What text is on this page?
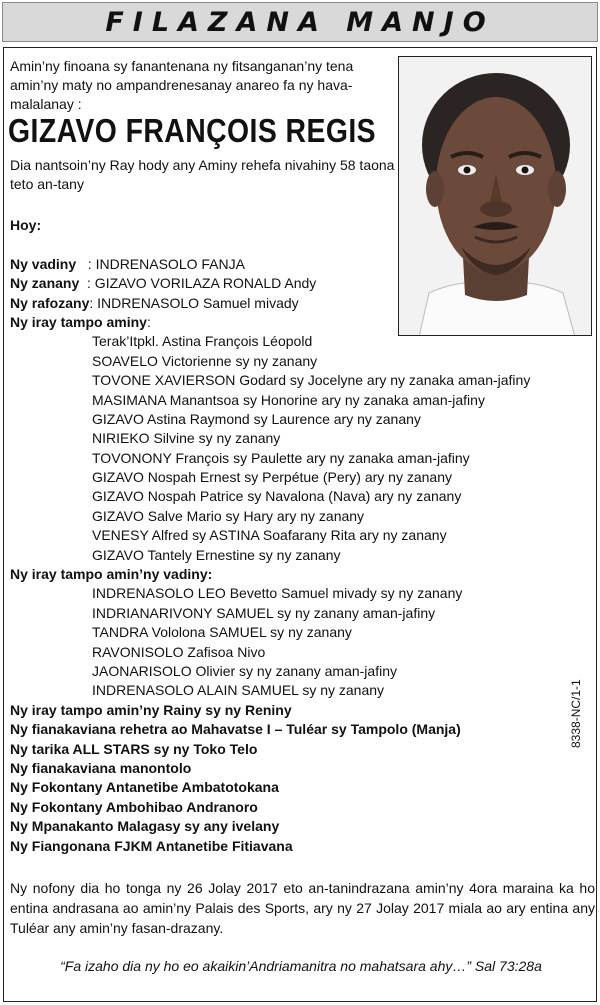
FILAZANA MANJO
Amin’ny finoana sy fanantenana ny fitsanganan’ny tena amin’ny maty no ampandrenesanay anareo fa ny hava-malalanay :
GIZAVO FRANÇOIS REGIS
Dia nantsoin’ny Ray hody any Aminy rehefa nivahiny 58 taona teto an-tany
Hoy:
Ny vadiny   : INDRENASOLO FANJA
Ny zanany  : GIZAVO VORILAZA RONALD Andy
Ny rafozany: INDRENASOLO Samuel mivady
Ny iray tampo aminy:
Terak’Itpkl. Astina François Léopold
SOAVELO Victorienne sy ny zanany
TOVONE XAVIERSON Godard sy Jocelyne ary ny zanaka aman-jafiny
MASIMANA Manantsoa sy Honorine ary ny zanaka aman-jafiny
GIZAVO Astina Raymond sy Laurence ary ny zanany
NIRIEKO Silvine sy ny zanany
TOVONONY François sy Paulette ary ny zanaka aman-jafiny
GIZAVO Nospah Ernest sy Perpétue (Pery) ary ny zanany
GIZAVO Nospah Patrice sy Navalona (Nava) ary ny zanany
GIZAVO Salve Mario sy Hary ary ny zanany
VENESY Alfred sy ASTINA Soafarany Rita ary ny zanany
GIZAVO Tantely Ernestine sy ny zanany
Ny iray tampo amin’ny vadiny:
INDRENASOLO LEO Bevetto Samuel mivady sy ny zanany
INDRIANARIVONY SAMUEL sy ny zanany aman-jafiny
TANDRA Vololona SAMUEL sy ny zanany
RAVONISOLO Zafisoa Nivo
JAONARISOLO Olivier sy ny zanany aman-jafiny
INDRENASOLO ALAIN SAMUEL sy ny zanany
Ny iray tampo amin’ny Rainy sy ny Reniny
Ny fianakaviana rehetra ao Mahavatse I – Tuléar sy Tampolo (Manja)
Ny tarika ALL STARS sy ny Toko Telo
Ny fianakaviana manontolo
Ny Fokontany Antanetibe Ambatotokana
Ny Fokontany Ambohibao Andranoro
Ny Mpanakanto Malagasy sy any ivelany
Ny Fiangonana FJKM Antanetibe Fitiavana
8338-NC/1-1
Ny nofony dia ho tonga ny 26 Jolay 2017 eto an-tanindrazana amin’ny 4ora maraina ka ho entina andrasana ao amin’ny Palais des Sports, ary ny 27 Jolay 2017 miala ao ary entina any Tuléar any amin’ny fasan-drazany.
“Fa izaho dia ny ho eo akaikin’Andriamanitra no mahatsara ahy…” Sal 73:28a
